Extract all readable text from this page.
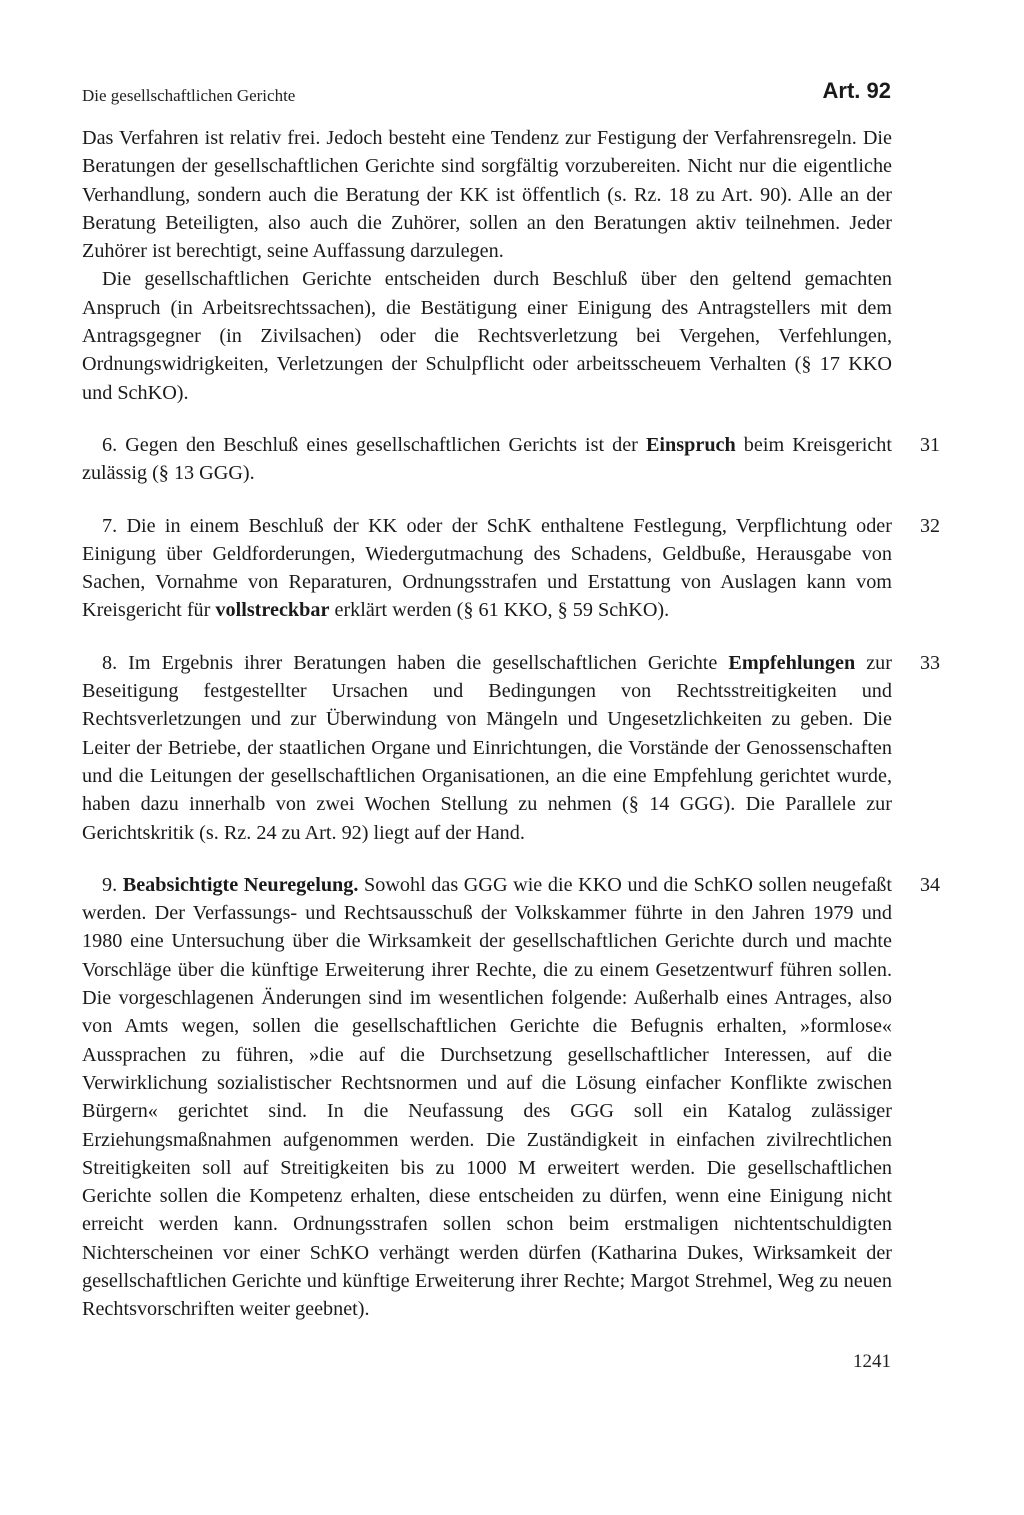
Die gesellschaftlichen Gerichte	Art. 92

Das Verfahren ist relativ frei. Jedoch besteht eine Tendenz zur Festigung der Verfahrensregeln. Die Beratungen der gesellschaftlichen Gerichte sind sorgfältig vorzubereiten. Nicht nur die eigentliche Verhandlung, sondern auch die Beratung der KK ist öffentlich (s. Rz. 18 zu Art. 90). Alle an der Beratung Beteiligten, also auch die Zuhörer, sollen an den Beratungen aktiv teilnehmen. Jeder Zuhörer ist berechtigt, seine Auffassung darzulegen.

Die gesellschaftlichen Gerichte entscheiden durch Beschluß über den geltend gemachten Anspruch (in Arbeitsrechtssachen), die Bestätigung einer Einigung des Antragstellers mit dem Antragsgegner (in Zivilsachen) oder die Rechtsverletzung bei Vergehen, Verfehlungen, Ordnungswidrigkeiten, Verletzungen der Schulpflicht oder arbeitsscheuem Verhalten (§ 17 KKO und SchKO).

6. Gegen den Beschluß eines gesellschaftlichen Gerichts ist der Einspruch beim Kreisgericht zulässig (§ 13 GGG).
31

7. Die in einem Beschluß der KK oder der SchK enthaltene Festlegung, Verpflichtung oder Einigung über Geldforderungen, Wiedergutmachung des Schadens, Geldbuße, Herausgabe von Sachen, Vornahme von Reparaturen, Ordnungsstrafen und Erstattung von Auslagen kann vom Kreisgericht für vollstreckbar erklärt werden (§ 61 KKO, § 59 SchKO).
32

8. Im Ergebnis ihrer Beratungen haben die gesellschaftlichen Gerichte Empfehlungen zur Beseitigung festgestellter Ursachen und Bedingungen von Rechtsstreitigkeiten und Rechtsverletzungen und zur Überwindung von Mängeln und Ungesetzlichkeiten zu geben. Die Leiter der Betriebe, der staatlichen Organe und Einrichtungen, die Vorstände der Genossenschaften und die Leitungen der gesellschaftlichen Organisationen, an die eine Empfehlung gerichtet wurde, haben dazu innerhalb von zwei Wochen Stellung zu nehmen (§ 14 GGG). Die Parallele zur Gerichtskritik (s. Rz. 24 zu Art. 92) liegt auf der Hand.
33

9. Beabsichtigte Neuregelung. Sowohl das GGG wie die KKO und die SchKO sollen neugefaßt werden. Der Verfassungs- und Rechtsausschuß der Volkskammer führte in den Jahren 1979 und 1980 eine Untersuchung über die Wirksamkeit der gesellschaftlichen Gerichte durch und machte Vorschläge über die künftige Erweiterung ihrer Rechte, die zu einem Gesetzentwurf führen sollen. Die vorgeschlagenen Änderungen sind im wesentlichen folgende: Außerhalb eines Antrages, also von Amts wegen, sollen die gesellschaftlichen Gerichte die Befugnis erhalten, »formlose« Aussprachen zu führen, »die auf die Durchsetzung gesellschaftlicher Interessen, auf die Verwirklichung sozialistischer Rechtsnormen und auf die Lösung einfacher Konflikte zwischen Bürgern« gerichtet sind. In die Neufassung des GGG soll ein Katalog zulässiger Erziehungsmaßnahmen aufgenommen werden. Die Zuständigkeit in einfachen zivilrechtlichen Streitigkeiten soll auf Streitigkeiten bis zu 1000 M erweitert werden. Die gesellschaftlichen Gerichte sollen die Kompetenz erhalten, diese entscheiden zu dürfen, wenn eine Einigung nicht erreicht werden kann. Ordnungsstrafen sollen schon beim erstmaligen nichtentschuldigten Nichterscheinen vor einer SchKO verhängt werden dürfen (Katharina Dukes, Wirksamkeit der gesellschaftlichen Gerichte und künftige Erweiterung ihrer Rechte; Margot Strehmel, Weg zu neuen Rechtsvorschriften weiter geebnet).
34

1241
